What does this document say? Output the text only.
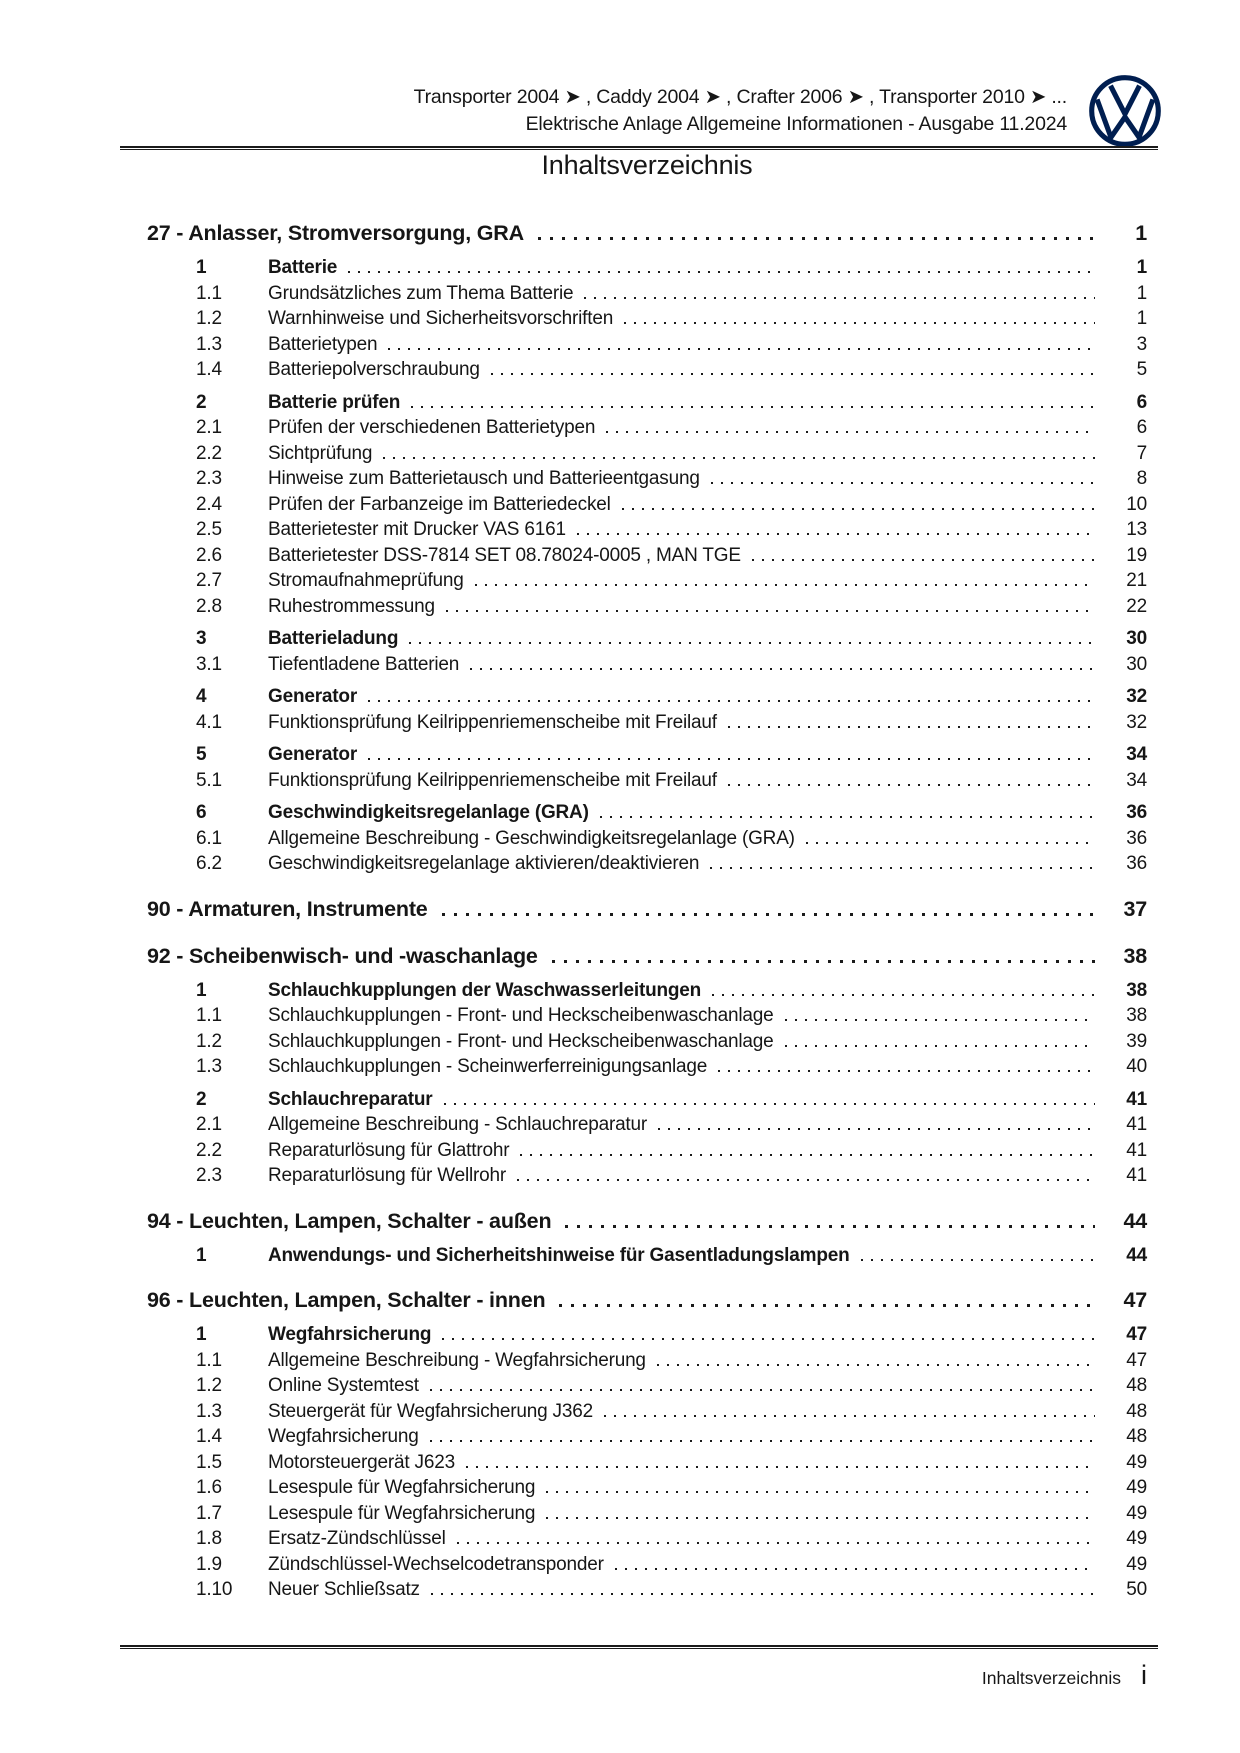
Transporter 2004 ➤ , Caddy 2004 ➤ , Crafter 2006 ➤ , Transporter 2010 ➤ ...
Elektrische Anlage Allgemeine Informationen - Ausgabe 11.2024
Inhaltsverzeichnis
27 - Anlasser, Stromversorgung, GRA	1
1	Batterie	1
1.1	Grundsätzliches zum Thema Batterie	1
1.2	Warnhinweise und Sicherheitsvorschriften	1
1.3	Batterietypen	3
1.4	Batteriepolverschraubung	5
2	Batterie prüfen	6
2.1	Prüfen der verschiedenen Batterietypen	6
2.2	Sichtprüfung	7
2.3	Hinweise zum Batterietausch und Batterieentgasung	8
2.4	Prüfen der Farbanzeige im Batteriedeckel	10
2.5	Batterietester mit Drucker VAS 6161	13
2.6	Batterietester DSS-7814 SET 08.78024-0005 , MAN TGE	19
2.7	Stromaufnahmeprüfung	21
2.8	Ruhestrommessung	22
3	Batterieladung	30
3.1	Tiefentladene Batterien	30
4	Generator	32
4.1	Funktionsprüfung Keilrippenriemenscheibe mit Freilauf	32
5	Generator	34
5.1	Funktionsprüfung Keilrippenriemenscheibe mit Freilauf	34
6	Geschwindigkeitsregelanlage (GRA)	36
6.1	Allgemeine Beschreibung - Geschwindigkeitsregelanlage (GRA)	36
6.2	Geschwindigkeitsregelanlage aktivieren/deaktivieren	36
90 - Armaturen, Instrumente	37
92 - Scheibenwisch- und -waschanlage	38
1	Schlauchkupplungen der Waschwasserleitungen	38
1.1	Schlauchkupplungen - Front- und Heckscheibenwaschanlage	38
1.2	Schlauchkupplungen - Front- und Heckscheibenwaschanlage	39
1.3	Schlauchkupplungen - Scheinwerferreinigungsanlage	40
2	Schlauchreparatur	41
2.1	Allgemeine Beschreibung - Schlauchreparatur	41
2.2	Reparaturlösung für Glattrohr	41
2.3	Reparaturlösung für Wellrohr	41
94 - Leuchten, Lampen, Schalter - außen	44
1	Anwendungs- und Sicherheitshinweise für Gasentladungslampen	44
96 - Leuchten, Lampen, Schalter - innen	47
1	Wegfahrsicherung	47
1.1	Allgemeine Beschreibung - Wegfahrsicherung	47
1.2	Online Systemtest	48
1.3	Steuergerät für Wegfahrsicherung J362	48
1.4	Wegfahrsicherung	48
1.5	Motorsteuergerät J623	49
1.6	Lesespule für Wegfahrsicherung	49
1.7	Lesespule für Wegfahrsicherung	49
1.8	Ersatz-Zündschlüssel	49
1.9	Zündschlüssel-Wechselcodetransponder	49
1.10	Neuer Schließsatz	50
Inhaltsverzeichnis i
